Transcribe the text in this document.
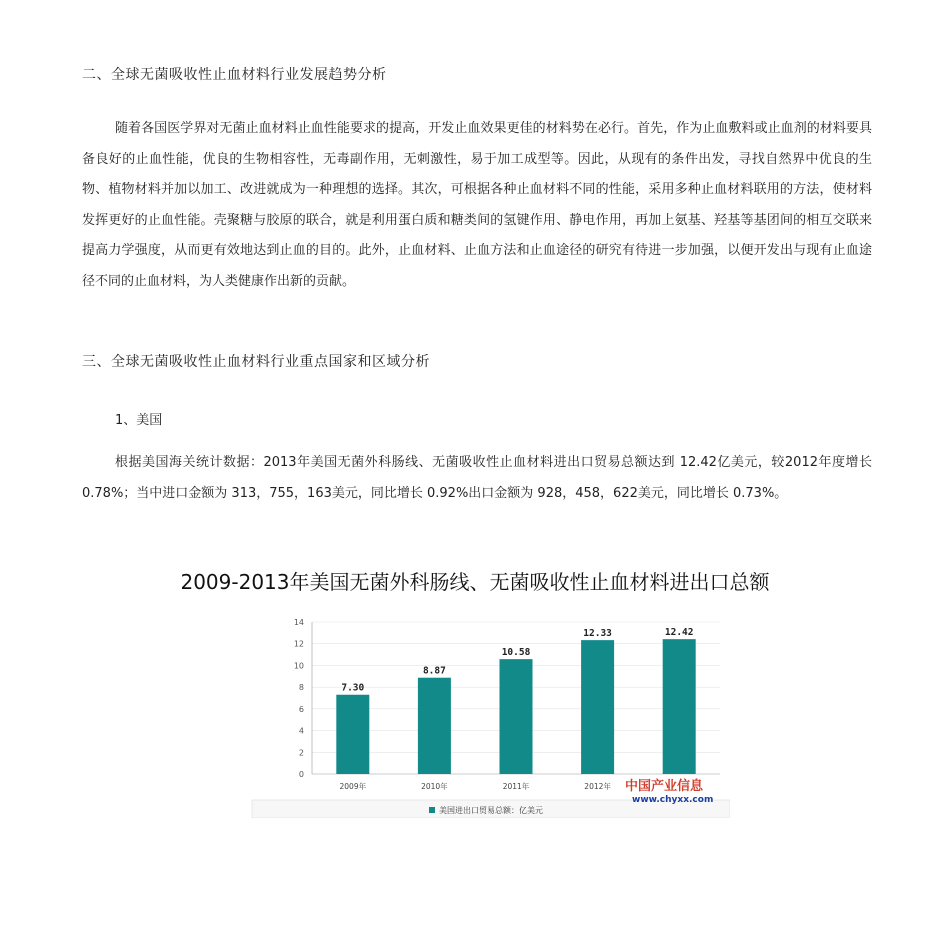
二、全球无菌吸收性止血材料行业发展趋势分析

随着各国医学界对无菌止血材料止血性能要求的提高，开发止血效果更佳的材料势在必行。首先，作为止血敷料或止血剂的材料要具备良好的止血性能，优良的生物相容性，无毒副作用，无刺激性，易于加工成型等。因此，从现有的条件出发，寻找自然界中优良的生物、植物材料并加以加工、改进就成为一种理想的选择。其次，可根据各种止血材料不同的性能，采用多种止血材料联用的方法，使材料发挥更好的止血性能。壳聚糖与胶原的联合，就是利用蛋白质和糖类间的氢键作用、静电作用，再加上氨基、羟基等基团间的相互交联来提高力学强度，从而更有效地达到止血的目的。此外，止血材料、止血方法和止血途径的研究有待进一步加强，以便开发出与现有止血途径不同的止血材料，为人类健康作出新的贡献。

三、全球无菌吸收性止血材料行业重点国家和区域分析
1、美国

根据美国海关统计数据：2013年美国无菌外科肠线、无菌吸收性止血材料进出口贸易总额达到 12.42亿美元，较2012年度增长 0.78%；当中进口金额为 313，755，163美元，同比增长 0.92%出口金额为 928，458，622美元，同比增长 0.73%。

2009-2013年美国无菌外科肠线、无菌吸收性止血材料进出口总额
0
2
4
6
8
10
12
14
7.30
8.87
10.58
12.33	12.42
2009年	2010年	2011年	2012年
美国进出口贸易总额：亿美元
中国产业信息
www.chyxx.com
